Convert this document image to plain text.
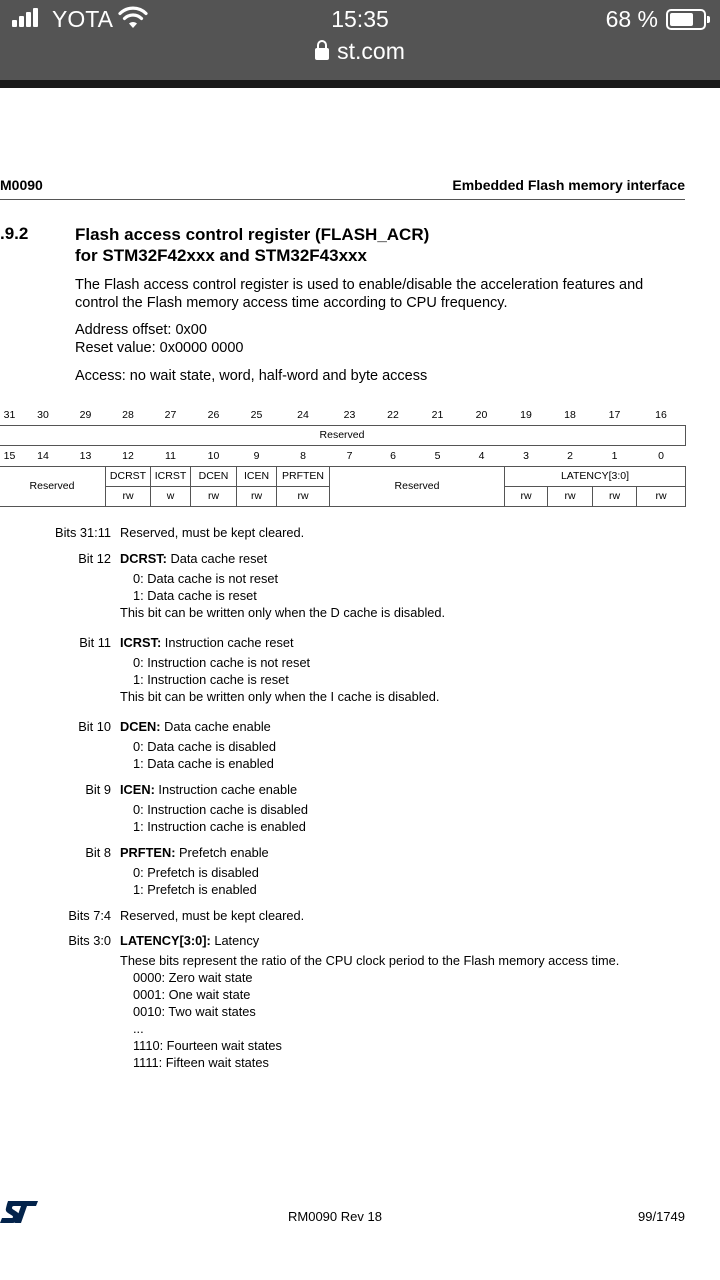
YOTA	15:35	68 %
st.com
M0090	Embedded Flash memory interface
.9.2	Flash access control register (FLASH_ACR)
for STM32F42xxx and STM32F43xxx
The Flash access control register is used to enable/disable the acceleration features and
control the Flash memory access time according to CPU frequency.
Address offset: 0x00
Reset value: 0x0000 0000
Access: no wait state, word, half-word and byte access
31	30	29	28	27	26	25	24	23	22	21	20	19	18	17	16
Reserved
15	14	13	12	11	10	9	8	7	6	5	4	3	2	1	0
Reserved			DCRST	ICRST	DCEN	ICEN	PRFTEN	Reserved				LATENCY[3:0]			
			rw	w	rw	rw	rw					rw	rw	rw	rw
Bits 31:11 Reserved, must be kept cleared.
Bit 12 DCRST: Data cache reset
0: Data cache is not reset
1: Data cache is reset
This bit can be written only when the D cache is disabled.
Bit 11 ICRST: Instruction cache reset
0: Instruction cache is not reset
1: Instruction cache is reset
This bit can be written only when the I cache is disabled.
Bit 10 DCEN: Data cache enable
0: Data cache is disabled
1: Data cache is enabled
Bit 9 ICEN: Instruction cache enable
0: Instruction cache is disabled
1: Instruction cache is enabled
Bit 8 PRFTEN: Prefetch enable
0: Prefetch is disabled
1: Prefetch is enabled
Bits 7:4 Reserved, must be kept cleared.
Bits 3:0 LATENCY[3:0]: Latency
These bits represent the ratio of the CPU clock period to the Flash memory access time.
0000: Zero wait state
0001: One wait state
0010: Two wait states
...
1110: Fourteen wait states
1111: Fifteen wait states
RM0090 Rev 18	99/1749
